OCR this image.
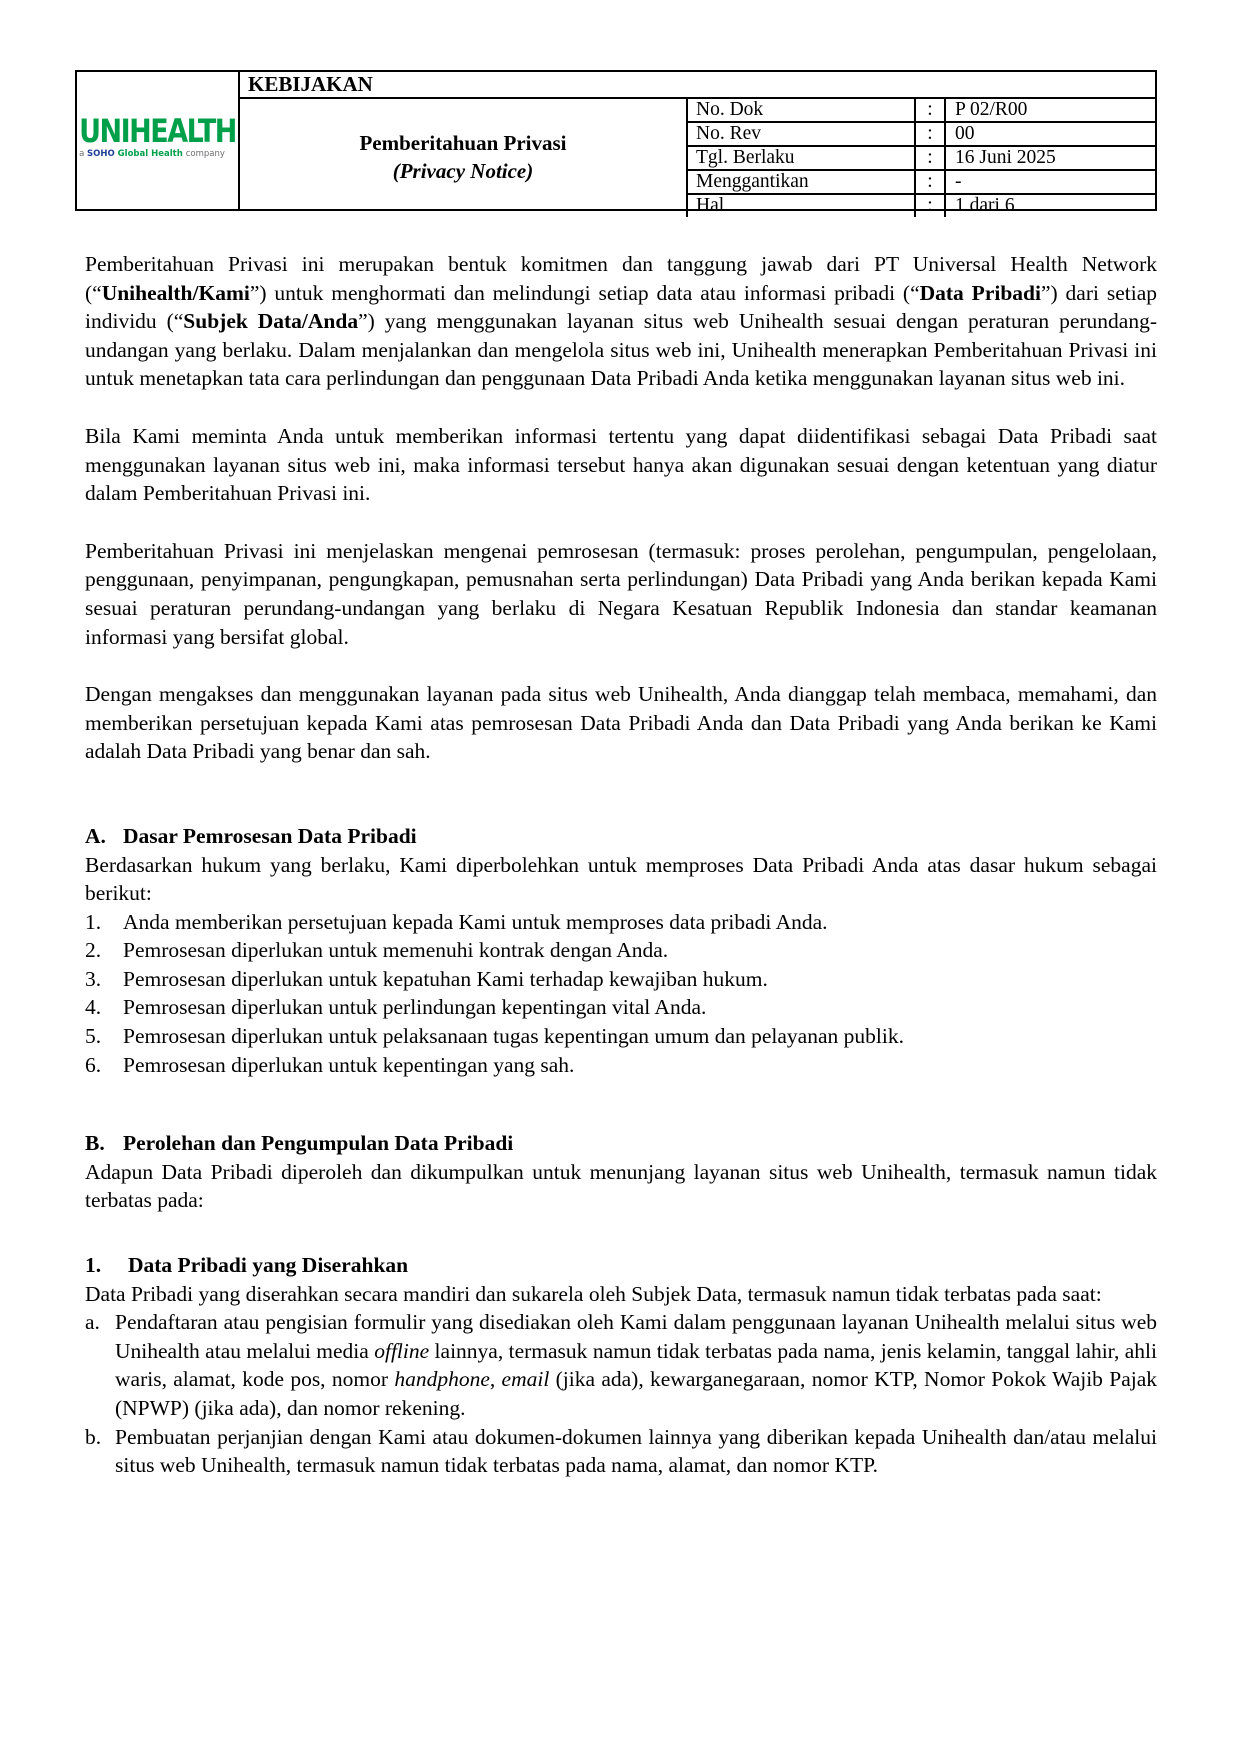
UNIHEALTH
a SOHO Global Health company
KEBIJAKAN
Pemberitahuan Privasi
(Privacy Notice)
No. Dok	:	P 02/R00
No. Rev	:	00
Tgl. Berlaku	:	16 Juni 2025
Menggantikan	:	-
Hal	:	1 dari 6

Pemberitahuan Privasi ini merupakan bentuk komitmen dan tanggung jawab dari PT Universal Health Network (“Unihealth/Kami”) untuk menghormati dan melindungi setiap data atau informasi pribadi (“Data Pribadi”) dari setiap individu (“Subjek Data/Anda”) yang menggunakan layanan situs web Unihealth sesuai dengan peraturan perundang-undangan yang berlaku. Dalam menjalankan dan mengelola situs web ini, Unihealth menerapkan Pemberitahuan Privasi ini untuk menetapkan tata cara perlindungan dan penggunaan Data Pribadi Anda ketika menggunakan layanan situs web ini.

Bila Kami meminta Anda untuk memberikan informasi tertentu yang dapat diidentifikasi sebagai Data Pribadi saat menggunakan layanan situs web ini, maka informasi tersebut hanya akan digunakan sesuai dengan ketentuan yang diatur dalam Pemberitahuan Privasi ini.

Pemberitahuan Privasi ini menjelaskan mengenai pemrosesan (termasuk: proses perolehan, pengumpulan, pengelolaan, penggunaan, penyimpanan, pengungkapan, pemusnahan serta perlindungan) Data Pribadi yang Anda berikan kepada Kami sesuai peraturan perundang-undangan yang berlaku di Negara Kesatuan Republik Indonesia dan standar keamanan informasi yang bersifat global.

Dengan mengakses dan menggunakan layanan pada situs web Unihealth, Anda dianggap telah membaca, memahami, dan memberikan persetujuan kepada Kami atas pemrosesan Data Pribadi Anda dan Data Pribadi yang Anda berikan ke Kami adalah Data Pribadi yang benar dan sah.

A. Dasar Pemrosesan Data Pribadi
Berdasarkan hukum yang berlaku, Kami diperbolehkan untuk memproses Data Pribadi Anda atas dasar hukum sebagai berikut:
1.	Anda memberikan persetujuan kepada Kami untuk memproses data pribadi Anda.
2.	Pemrosesan diperlukan untuk memenuhi kontrak dengan Anda.
3.	Pemrosesan diperlukan untuk kepatuhan Kami terhadap kewajiban hukum.
4.	Pemrosesan diperlukan untuk perlindungan kepentingan vital Anda.
5.	Pemrosesan diperlukan untuk pelaksanaan tugas kepentingan umum dan pelayanan publik.
6.	Pemrosesan diperlukan untuk kepentingan yang sah.
B. Perolehan dan Pengumpulan Data Pribadi
Adapun Data Pribadi diperoleh dan dikumpulkan untuk menunjang layanan situs web Unihealth, termasuk namun tidak terbatas pada:
1.	Data Pribadi yang Diserahkan
Data Pribadi yang diserahkan secara mandiri dan sukarela oleh Subjek Data, termasuk namun tidak terbatas pada saat:
a. Pendaftaran atau pengisian formulir yang disediakan oleh Kami dalam penggunaan layanan Unihealth melalui situs web Unihealth atau melalui media offline lainnya, termasuk namun tidak terbatas pada nama, jenis kelamin, tanggal lahir, ahli waris, alamat, kode pos, nomor handphone, email (jika ada), kewarganegaraan, nomor KTP, Nomor Pokok Wajib Pajak (NPWP) (jika ada), dan nomor rekening.
b. Pembuatan perjanjian dengan Kami atau dokumen-dokumen lainnya yang diberikan kepada Unihealth dan/atau melalui situs web Unihealth, termasuk namun tidak terbatas pada nama, alamat, dan nomor KTP.
